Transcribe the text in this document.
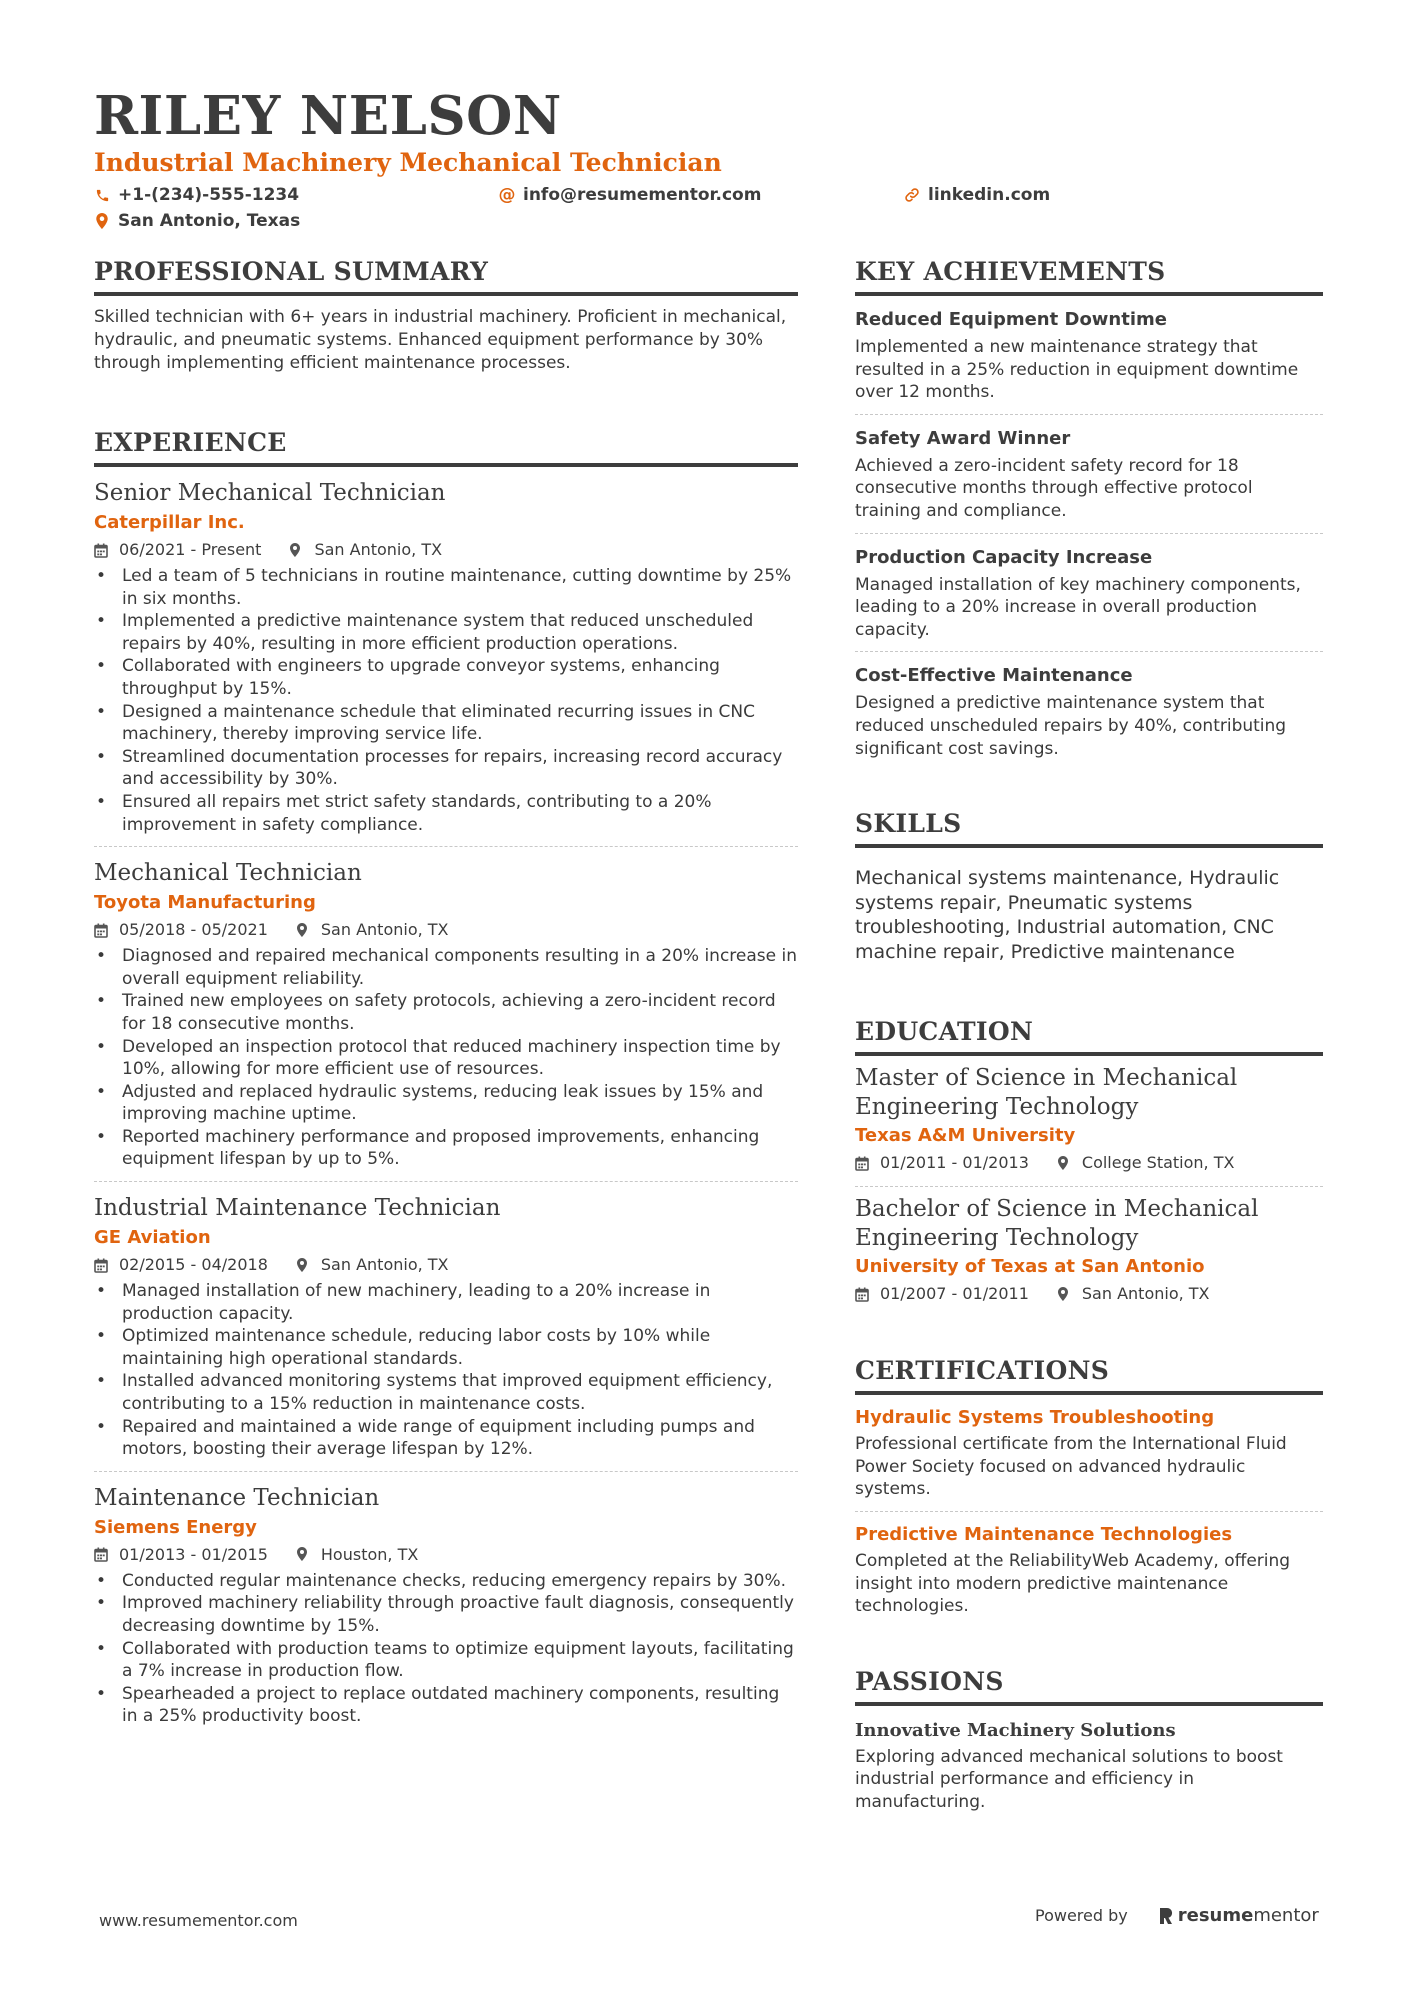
RILEY NELSON
Industrial Machinery Mechanical Technician
+1-(234)-555-1234	@ info@resumementor.com	linkedin.com
San Antonio, Texas
PROFESSIONAL SUMMARY
Skilled technician with 6+ years in industrial machinery. Proficient in mechanical, hydraulic, and pneumatic systems. Enhanced equipment performance by 30% through implementing efficient maintenance processes.
EXPERIENCE
Senior Mechanical Technician
Caterpillar Inc.
06/2021 - Present	San Antonio, TX
• Led a team of 5 technicians in routine maintenance, cutting downtime by 25% in six months.
• Implemented a predictive maintenance system that reduced unscheduled repairs by 40%, resulting in more efficient production operations.
• Collaborated with engineers to upgrade conveyor systems, enhancing throughput by 15%.
• Designed a maintenance schedule that eliminated recurring issues in CNC machinery, thereby improving service life.
• Streamlined documentation processes for repairs, increasing record accuracy and accessibility by 30%.
• Ensured all repairs met strict safety standards, contributing to a 20% improvement in safety compliance.
Mechanical Technician
Toyota Manufacturing
05/2018 - 05/2021	San Antonio, TX
• Diagnosed and repaired mechanical components resulting in a 20% increase in overall equipment reliability.
• Trained new employees on safety protocols, achieving a zero-incident record for 18 consecutive months.
• Developed an inspection protocol that reduced machinery inspection time by 10%, allowing for more efficient use of resources.
• Adjusted and replaced hydraulic systems, reducing leak issues by 15% and improving machine uptime.
• Reported machinery performance and proposed improvements, enhancing equipment lifespan by up to 5%.
Industrial Maintenance Technician
GE Aviation
02/2015 - 04/2018	San Antonio, TX
• Managed installation of new machinery, leading to a 20% increase in production capacity.
• Optimized maintenance schedule, reducing labor costs by 10% while maintaining high operational standards.
• Installed advanced monitoring systems that improved equipment efficiency, contributing to a 15% reduction in maintenance costs.
• Repaired and maintained a wide range of equipment including pumps and motors, boosting their average lifespan by 12%.
Maintenance Technician
Siemens Energy
01/2013 - 01/2015	Houston, TX
• Conducted regular maintenance checks, reducing emergency repairs by 30%.
• Improved machinery reliability through proactive fault diagnosis, consequently decreasing downtime by 15%.
• Collaborated with production teams to optimize equipment layouts, facilitating a 7% increase in production flow.
• Spearheaded a project to replace outdated machinery components, resulting in a 25% productivity boost.
KEY ACHIEVEMENTS
Reduced Equipment Downtime
Implemented a new maintenance strategy that resulted in a 25% reduction in equipment downtime over 12 months.
Safety Award Winner
Achieved a zero-incident safety record for 18 consecutive months through effective protocol training and compliance.
Production Capacity Increase
Managed installation of key machinery components, leading to a 20% increase in overall production capacity.
Cost-Effective Maintenance
Designed a predictive maintenance system that reduced unscheduled repairs by 40%, contributing significant cost savings.
SKILLS
Mechanical systems maintenance, Hydraulic systems repair, Pneumatic systems troubleshooting, Industrial automation, CNC machine repair, Predictive maintenance
EDUCATION
Master of Science in Mechanical Engineering Technology
Texas A&M University
01/2011 - 01/2013	College Station, TX
Bachelor of Science in Mechanical Engineering Technology
University of Texas at San Antonio
01/2007 - 01/2011	San Antonio, TX
CERTIFICATIONS
Hydraulic Systems Troubleshooting
Professional certificate from the International Fluid Power Society focused on advanced hydraulic systems.
Predictive Maintenance Technologies
Completed at the ReliabilityWeb Academy, offering insight into modern predictive maintenance technologies.
PASSIONS
Innovative Machinery Solutions
Exploring advanced mechanical solutions to boost industrial performance and efficiency in manufacturing.
www.resumementor.com	Powered by	resume mentor
